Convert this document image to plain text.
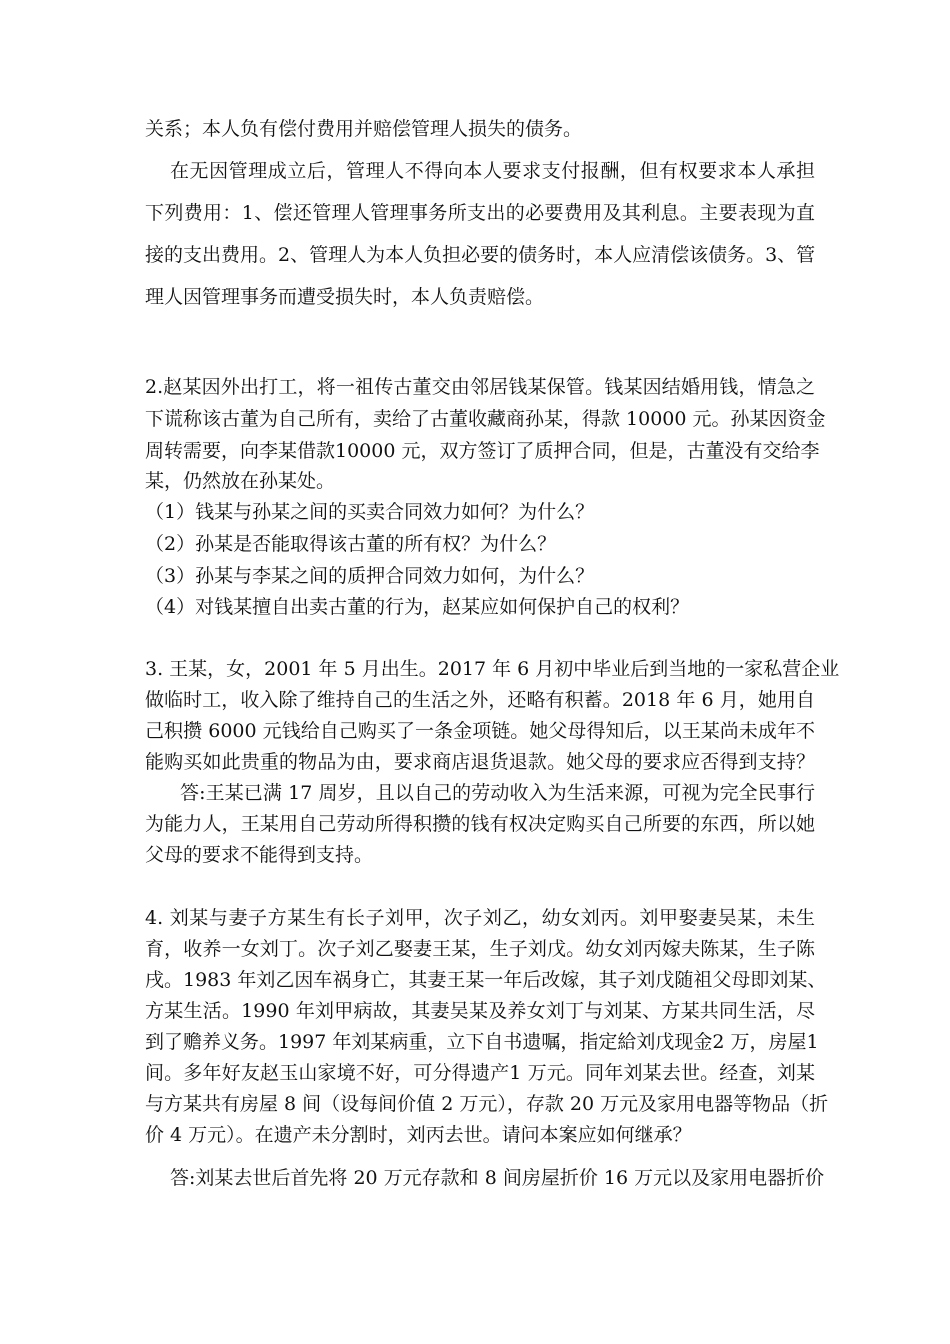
关系；本人负有偿付费用并赔偿管理人损失的债务。
在无因管理成立后，管理人不得向本人要求支付报酬，但有权要求本人承担
下列费用：1、偿还管理人管理事务所支出的必要费用及其利息。主要表现为直
接的支出费用。2、管理人为本人负担必要的债务时，本人应清偿该债务。3、管
理人因管理事务而遭受损失时，本人负责赔偿。
2.赵某因外出打工，将一祖传古董交由邻居钱某保管。钱某因结婚用钱，情急之
下谎称该古董为自己所有，卖给了古董收藏商孙某，得款 10000 元。孙某因资金
周转需要，向李某借款10000 元，双方签订了质押合同，但是，古董没有交给李
某，仍然放在孙某处。
（1）钱某与孙某之间的买卖合同效力如何？为什么？
（2）孙某是否能取得该古董的所有权？为什么？
（3）孙某与李某之间的质押合同效力如何，为什么？
（4）对钱某擅自出卖古董的行为，赵某应如何保护自己的权利？
3. 王某，女，2001 年 5 月出生。2017 年 6 月初中毕业后到当地的一家私营企业
做临时工，收入除了维持自己的生活之外，还略有积蓄。2018 年 6 月，她用自
己积攒 6000 元钱给自己购买了一条金项链。她父母得知后，以王某尚未成年不
能购买如此贵重的物品为由，要求商店退货退款。她父母的要求应否得到支持？
答:王某已满 17 周岁，且以自己的劳动收入为生活来源，可视为完全民事行
为能力人，王某用自己劳动所得积攒的钱有权决定购买自己所要的东西，所以她
父母的要求不能得到支持。
4. 刘某与妻子方某生有长子刘甲，次子刘乙，幼女刘丙。刘甲娶妻吴某，未生
育，收养一女刘丁。次子刘乙娶妻王某，生子刘戊。幼女刘丙嫁夫陈某，生子陈
戌。1983 年刘乙因车祸身亡，其妻王某一年后改嫁，其子刘戊随祖父母即刘某、
方某生活。1990 年刘甲病故，其妻吴某及养女刘丁与刘某、方某共同生活，尽
到了赡养义务。1997 年刘某病重，立下自书遗嘱，指定給刘戊现金2 万，房屋1
间。多年好友赵玉山家境不好，可分得遗产1 万元。同年刘某去世。经查，刘某
与方某共有房屋 8 间（设每间价值 2 万元），存款 20 万元及家用电器等物品（折
价 4 万元）。在遗产未分割时，刘丙去世。请问本案应如何继承？
答:刘某去世后首先将 20 万元存款和 8 间房屋折价 16 万元以及家用电器折价
